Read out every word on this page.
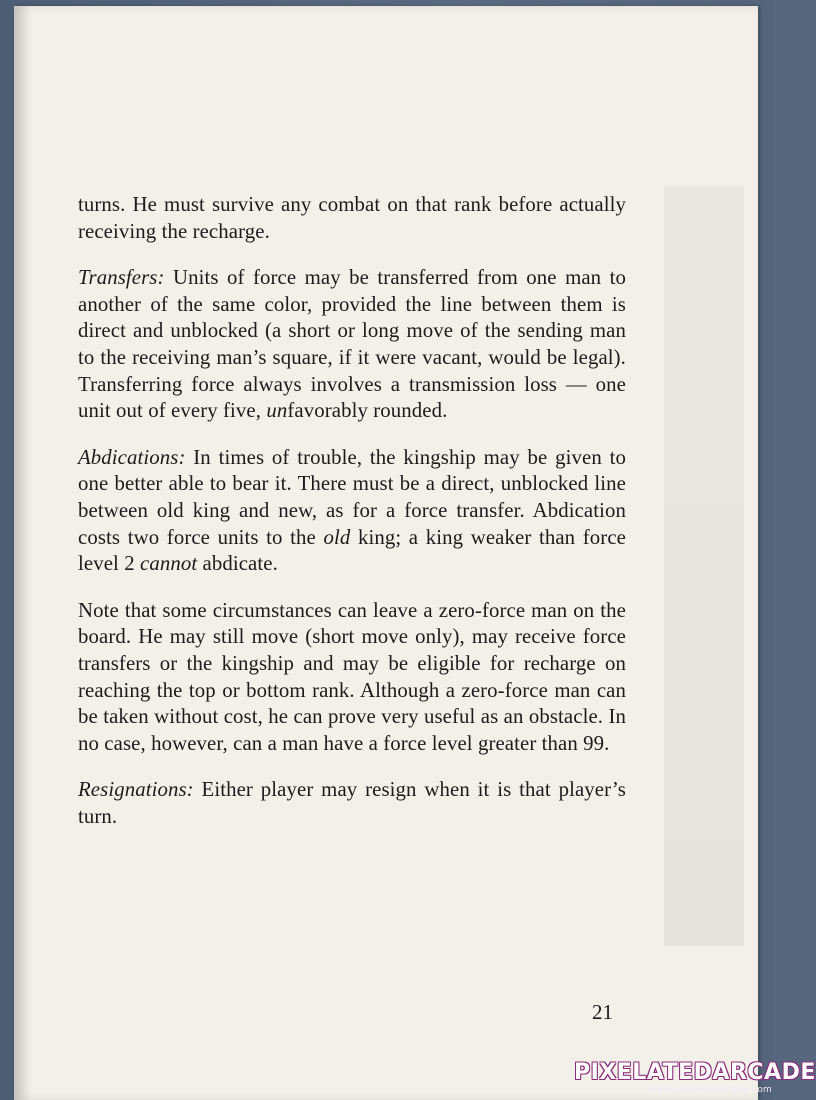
turns. He must survive any combat on that rank before actually receiving the recharge.

Transfers: Units of force may be transferred from one man to another of the same color, provided the line between them is direct and unblocked (a short or long move of the sending man to the receiving man’s square, if it were vacant, would be legal). Transferring force always involves a transmission loss — one unit out of every five, unfavorably rounded.

Abdications: In times of trouble, the kingship may be given to one better able to bear it. There must be a direct, unblocked line between old king and new, as for a force transfer. Abdication costs two force units to the old king; a king weaker than force level 2 cannot abdicate.

Note that some circumstances can leave a zero-force man on the board. He may still move (short move only), may receive force transfers or the kingship and may be eligible for recharge on reaching the top or bottom rank. Although a zero-force man can be taken without cost, he can prove very useful as an obstacle. In no case, however, can a man have a force level greater than 99.

Resignations: Either player may resign when it is that player’s turn.

21
PIXELATEDARCADE
www.pixelatedarcade.com
